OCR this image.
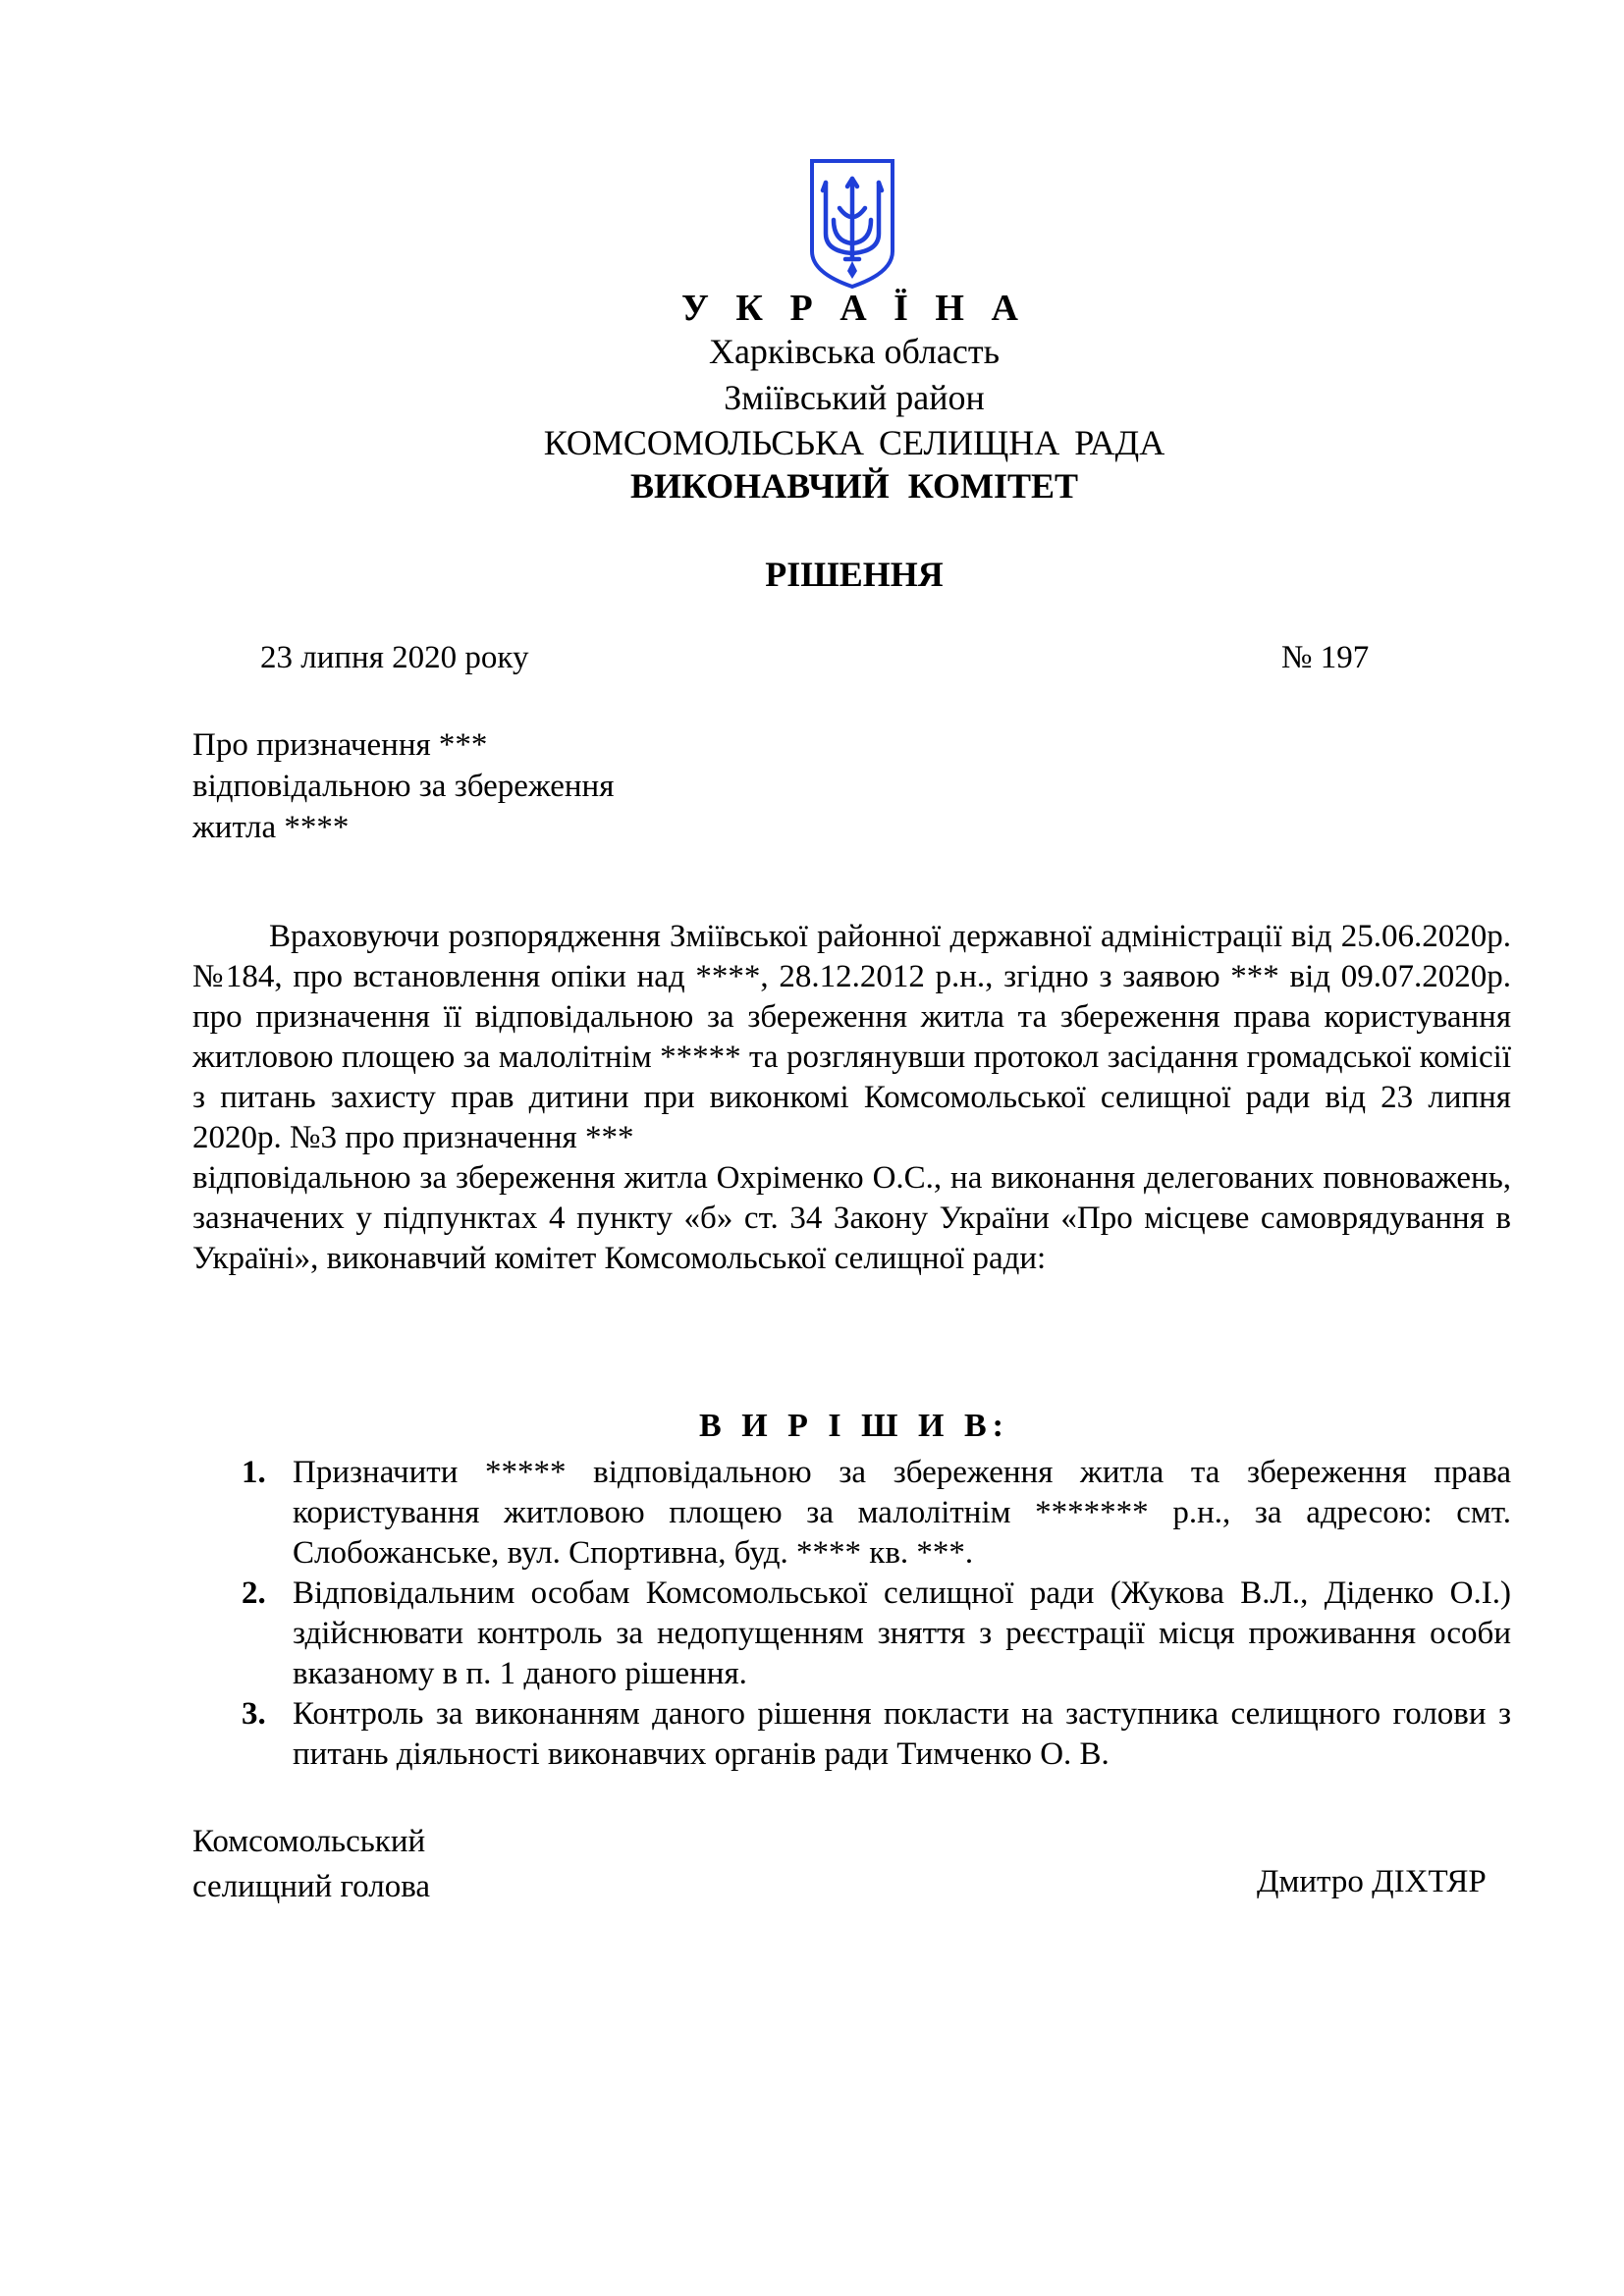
У К Р А Ї Н А
Харківська область
Зміївський район
КОМСОМОЛЬСЬКА СЕЛИЩНА РАДА
ВИКОНАВЧИЙ КОМІТЕТ
РІШЕННЯ
23 липня 2020 року	№ 197
Про призначення ***
відповідальною за збереження
житла ****
Враховуючи розпорядження Зміївської районної державної адміністрації від 25.06.2020р. №184, про встановлення опіки над ****, 28.12.2012 р.н., згідно з заявою *** від 09.07.2020р. про призначення її відповідальною за збереження житла та збереження права користування житловою площею за малолітнім ***** та розглянувши протокол засідання громадської комісії з питань захисту прав дитини при виконкомі Комсомольської селищної ради від 23 липня 2020р. №3 про призначення ***
відповідальною за збереження житла Охріменко О.С., на виконання делегованих повноважень, зазначених у підпунктах 4 пункту «б» ст. 34 Закону України «Про місцеве самоврядування в Україні», виконавчий комітет Комсомольської селищної ради:
В И Р І Ш И В:
1. Призначити ***** відповідальною за збереження житла та збереження права користування житловою площею за малолітнім ******* р.н., за адресою: смт. Слобожанське, вул. Спортивна, буд. **** кв. ***.
2. Відповідальним особам Комсомольської селищної ради (Жукова В.Л., Діденко О.І.) здійснювати контроль за недопущенням зняття з реєстрації місця проживання особи вказаному в п. 1 даного рішення.
3. Контроль за виконанням даного рішення покласти на заступника селищного голови з питань діяльності виконавчих органів ради Тимченко О. В.
Комсомольський
селищний голова	Дмитро ДІХТЯР
